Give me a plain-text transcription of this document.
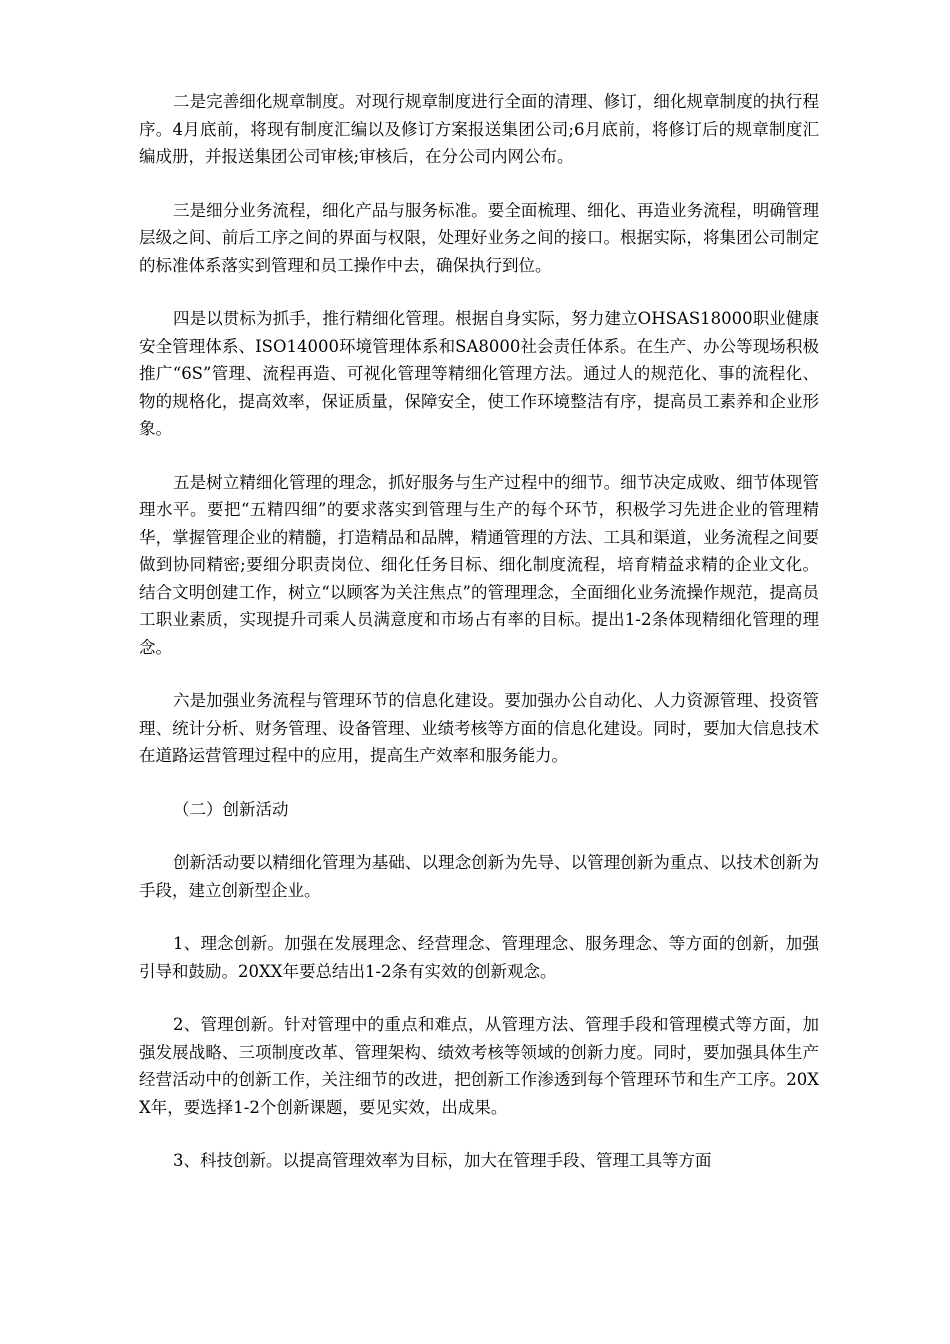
二是完善细化规章制度。对现行规章制度进行全面的清理、修订，细化规章制度的执行程序。4月底前，将现有制度汇编以及修订方案报送集团公司;6月底前，将修订后的规章制度汇编成册，并报送集团公司审核;审核后，在分公司内网公布。

三是细分业务流程，细化产品与服务标准。要全面梳理、细化、再造业务流程，明确管理层级之间、前后工序之间的界面与权限，处理好业务之间的接口。根据实际，将集团公司制定的标准体系落实到管理和员工操作中去，确保执行到位。

四是以贯标为抓手，推行精细化管理。根据自身实际，努力建立OHSAS18000职业健康安全管理体系、ISO14000环境管理体系和SA8000社会责任体系。在生产、办公等现场积极推广“6S”管理、流程再造、可视化管理等精细化管理方法。通过人的规范化、事的流程化、物的规格化，提高效率，保证质量，保障安全，使工作环境整洁有序，提高员工素养和企业形象。

五是树立精细化管理的理念，抓好服务与生产过程中的细节。细节决定成败、细节体现管理水平。要把“五精四细”的要求落实到管理与生产的每个环节，积极学习先进企业的管理精华，掌握管理企业的精髓，打造精品和品牌，精通管理的方法、工具和渠道，业务流程之间要做到协同精密;要细分职责岗位、细化任务目标、细化制度流程，培育精益求精的企业文化。结合文明创建工作，树立“以顾客为关注焦点”的管理理念，全面细化业务流操作规范，提高员工职业素质，实现提升司乘人员满意度和市场占有率的目标。提出1-2条体现精细化管理的理念。

六是加强业务流程与管理环节的信息化建设。要加强办公自动化、人力资源管理、投资管理、统计分析、财务管理、设备管理、业绩考核等方面的信息化建设。同时，要加大信息技术在道路运营管理过程中的应用，提高生产效率和服务能力。

（二）创新活动

创新活动要以精细化管理为基础、以理念创新为先导、以管理创新为重点、以技术创新为手段，建立创新型企业。

1、理念创新。加强在发展理念、经营理念、管理理念、服务理念、等方面的创新，加强引导和鼓励。20XX年要总结出1-2条有实效的创新观念。

2、管理创新。针对管理中的重点和难点，从管理方法、管理手段和管理模式等方面，加强发展战略、三项制度改革、管理架构、绩效考核等领域的创新力度。同时，要加强具体生产经营活动中的创新工作，关注细节的改进，把创新工作渗透到每个管理环节和生产工序。20XX年，要选择1-2个创新课题，要见实效，出成果。

3、科技创新。以提高管理效率为目标，加大在管理手段、管理工具等方面
